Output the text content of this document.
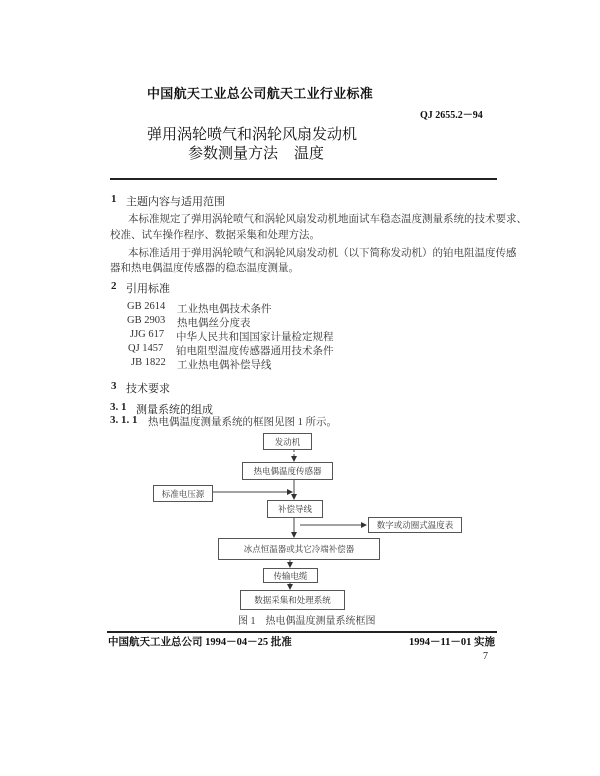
中国航天工业总公司航天工业行业标准
QJ 2655.2－94
弹用涡轮喷气和涡轮风扇发动机
参数测量方法 温度
1 主题内容与适用范围
本标准规定了弹用涡轮喷气和涡轮风扇发动机地面试车稳态温度测量系统的技术要求、
校准、试车操作程序、数据采集和处理方法。
本标准适用于弹用涡轮喷气和涡轮风扇发动机（以下简称发动机）的铂电阻温度传感
器和热电偶温度传感器的稳态温度测量。
2 引用标准
GB 2614	工业热电偶技术条件
GB 2903	热电偶丝分度表
JJG 617	中华人民共和国国家计量检定规程
QJ 1457	铂电阻型温度传感器通用技术条件
JB 1822	工业热电偶补偿导线
3 技术要求
3. 1 测量系统的组成
3. 1. 1 热电偶温度测量系统的框图见图 1 所示。
发动机
热电偶温度传感器
标准电压源
补偿导线
数字或动圈式温度表
冰点恒温器或其它冷端补偿器
传输电缆
数据采集和处理系统
图 1 热电偶温度测量系统框图
中国航天工业总公司 1994－04－25 批准	1994－11－01 实施
7
